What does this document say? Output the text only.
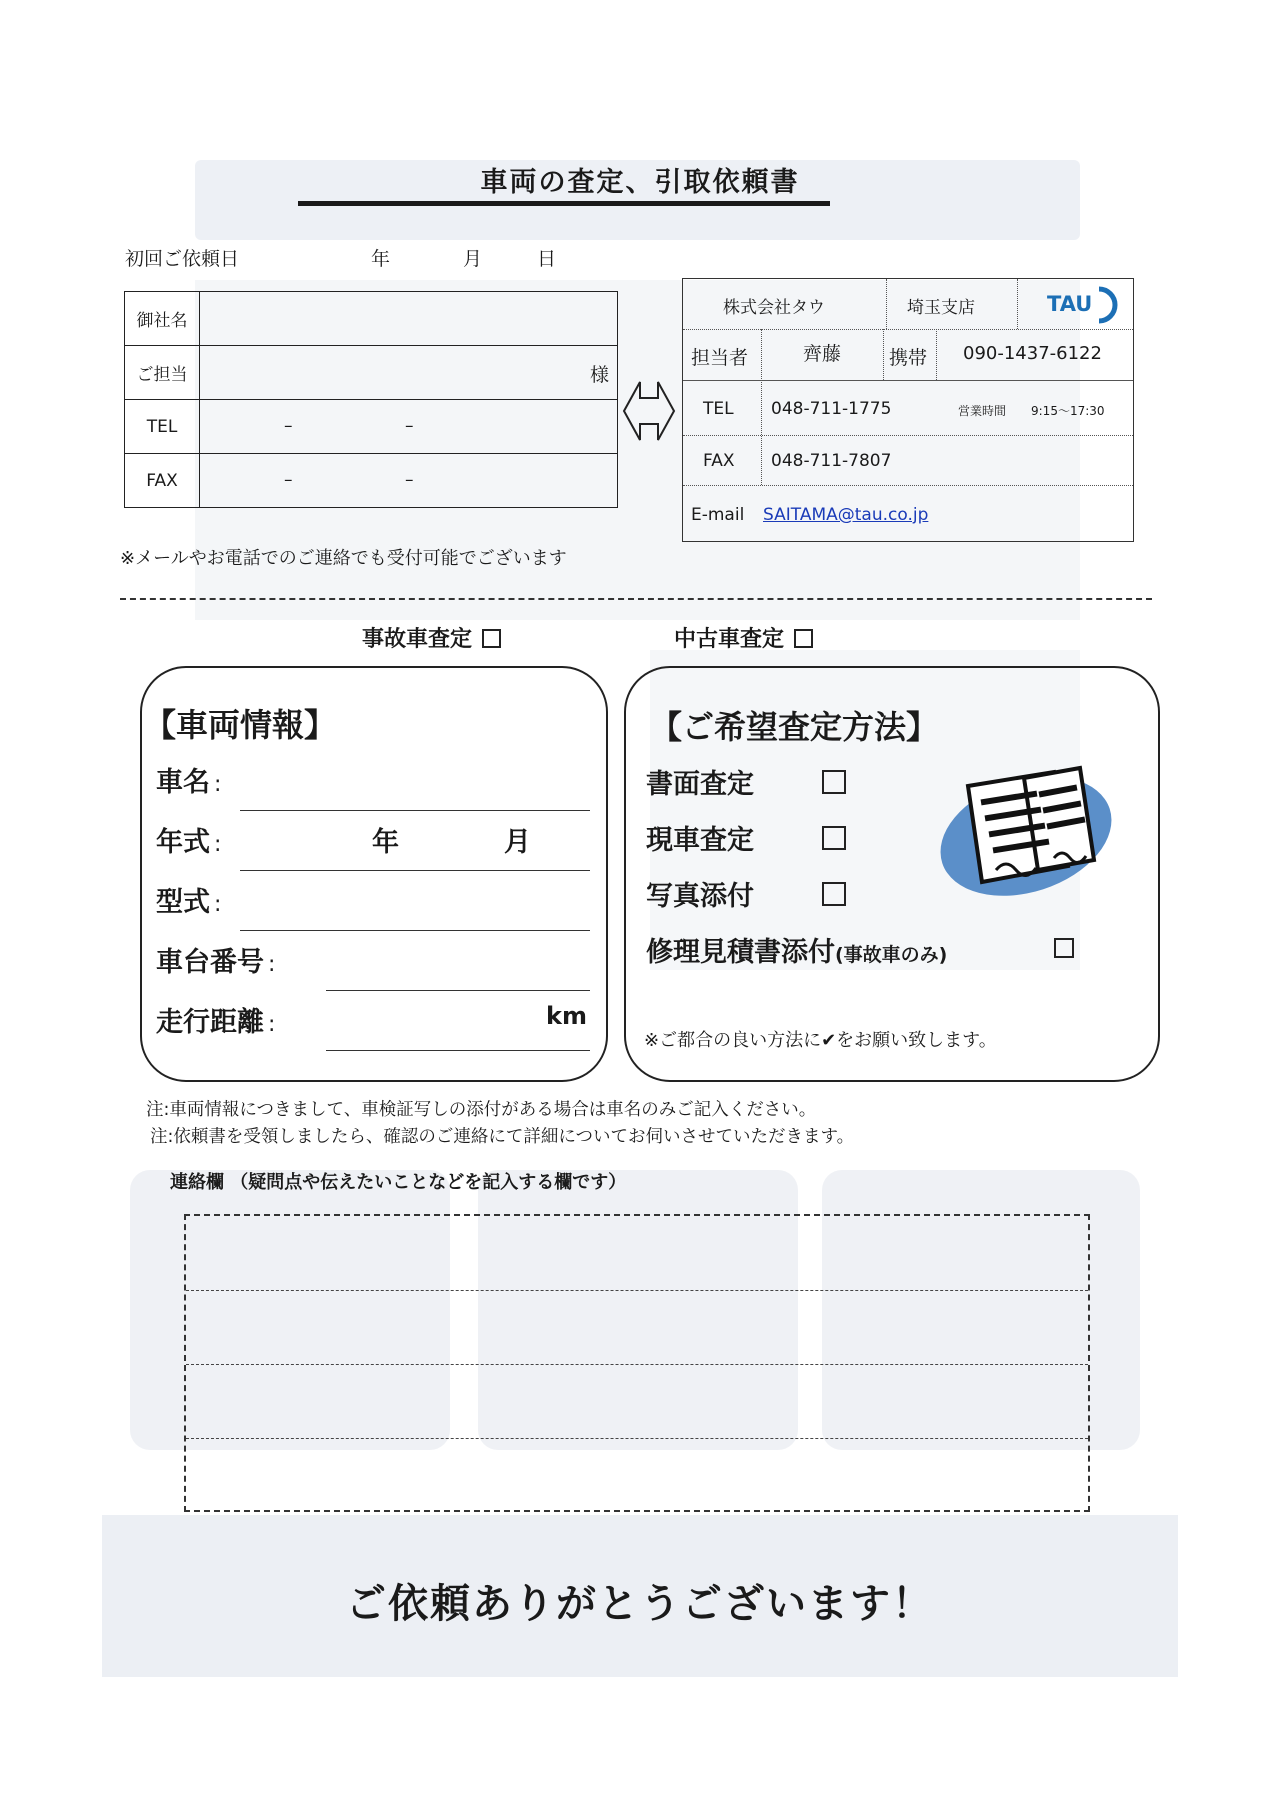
車両の査定、引取依頼書
初回ご依頼日	年	月	日
御社名	
ご担当	様

TEL	– –

FAX	– –
株式会社タウ	埼玉支店	TAU
担当者	齊藤	携帯 090-1437-6122
TEL 048-711-1775	営業時間 9:15～17:30
FAX 048-711-7807
E-mail SAITAMA@tau.co.jp
※メールやお電話でのご連絡でも受付可能でございます
事故車査定	中古車査定
【車両情報】
車名 :
年式 :	年	月
型式 :
車台番号 :
走行距離 :	km
【ご希望査定方法】
書面査定
現車査定
写真添付
修理見積書添付(事故車のみ)
※ご都合の良い方法に✔をお願い致します。
注:車両情報につきまして、車検証写しの添付がある場合は車名のみご記入ください。
注:依頼書を受領しましたら、確認のご連絡にて詳細についてお伺いさせていただきます。
連絡欄 （疑問点や伝えたいことなどを記入する欄です）
ご依頼ありがとうございます！
